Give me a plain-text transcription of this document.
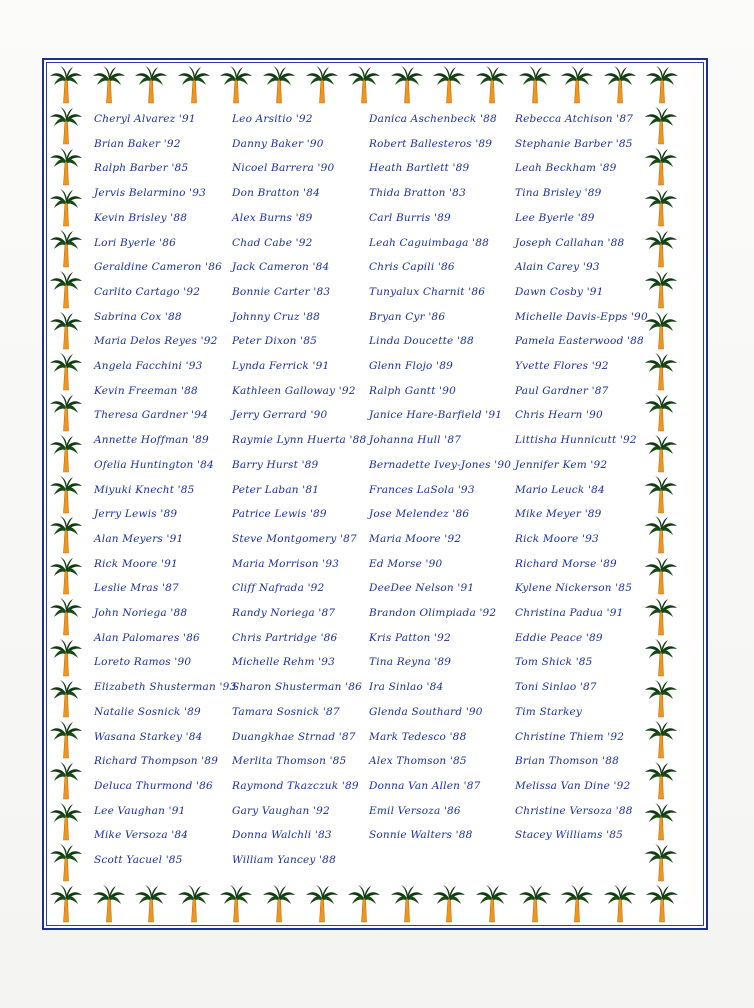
Cheryl Alvarez '91
Brian Baker '92
Ralph Barber '85
Jervis Belarmino '93
Kevin Brisley '88
Lori Byerle '86
Geraldine Cameron '86
Carlito Cartago '92
Sabrina Cox '88
Maria Delos Reyes '92
Angela Facchini '93
Kevin Freeman '88
Theresa Gardner '94
Annette Hoffman '89
Ofelia Huntington '84
Miyuki Knecht '85
Jerry Lewis '89
Alan Meyers '91
Rick Moore '91
Leslie Mras '87
John Noriega '88
Alan Palomares '86
Loreto Ramos '90
Elizabeth Shusterman '93
Natalie Sosnick '89
Wasana Starkey '84
Richard Thompson '89
Deluca Thurmond '86
Lee Vaughan '91
Mike Versoza '84
Scott Yacuel '85
Leo Arsitio '92
Danny Baker '90
Nicoel Barrera '90
Don Bratton '84
Alex Burns '89
Chad Cabe '92
Jack Cameron '84
Bonnie Carter '83
Johnny Cruz '88
Peter Dixon '85
Lynda Ferrick '91
Kathleen Galloway '92
Jerry Gerrard '90
Raymie Lynn Huerta '88
Barry Hurst '89
Peter Laban '81
Patrice Lewis '89
Steve Montgomery '87
Maria Morrison '93
Cliff Nafrada '92
Randy Noriega '87
Chris Partridge '86
Michelle Rehm '93
Sharon Shusterman '86
Tamara Sosnick '87
Duangkhae Strnad '87
Merlita Thomson '85
Raymond Tkazczuk '89
Gary Vaughan '92
Donna Walchli '83
William Yancey '88
Danica Aschenbeck '88
Robert Ballesteros '89
Heath Bartlett '89
Thida Bratton '83
Carl Burris '89
Leah Caguimbaga '88
Chris Capili '86
Tunyalux Charnit '86
Bryan Cyr '86
Linda Doucette '88
Glenn Flojo '89
Ralph Gantt '90
Janice Hare-Barfield '91
Johanna Hull '87
Bernadette Ivey-Jones '90
Frances LaSola '93
Jose Melendez '86
Maria Moore '92
Ed Morse '90
DeeDee Nelson '91
Brandon Olimpiada '92
Kris Patton '92
Tina Reyna '89
Ira Sinlao '84
Glenda Southard '90
Mark Tedesco '88
Alex Thomson '85
Donna Van Allen '87
Emil Versoza '86
Sonnie Walters '88
Rebecca Atchison '87
Stephanie Barber '85
Leah Beckham '89
Tina Brisley '89
Lee Byerle '89
Joseph Callahan '88
Alain Carey '93
Dawn Cosby '91
Michelle Davis-Epps '90
Pamela Easterwood '88
Yvette Flores '92
Paul Gardner '87
Chris Hearn '90
Littisha Hunnicutt '92
Jennifer Kem '92
Mario Leuck '84
Mike Meyer '89
Rick Moore '93
Richard Morse '89
Kylene Nickerson '85
Christina Padua '91
Eddie Peace '89
Tom Shick '85
Toni Sinlao '87
Tim Starkey
Christine Thiem '92
Brian Thomson '88
Melissa Van Dine '92
Christine Versoza '88
Stacey Williams '85
